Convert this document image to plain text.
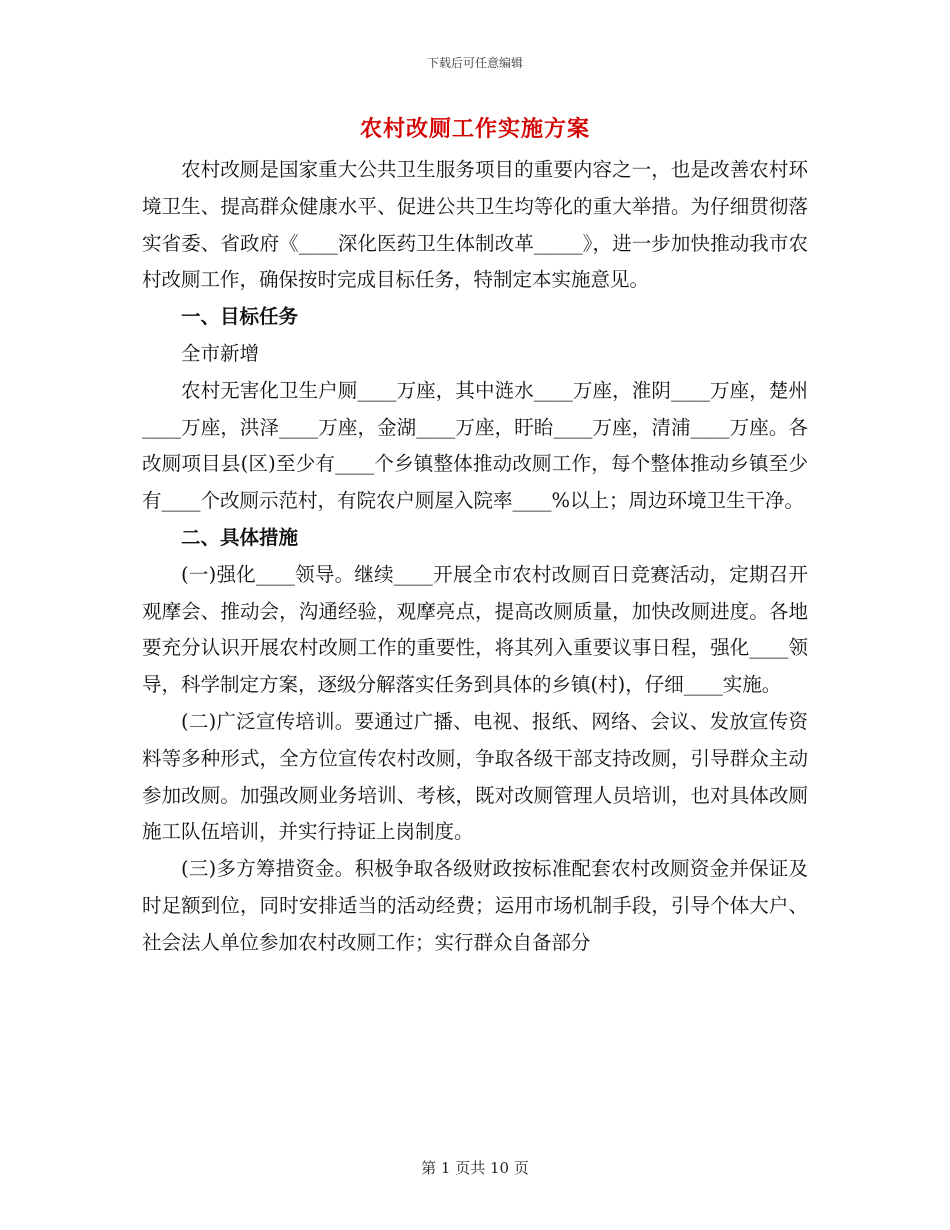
下载后可任意编辑
农村改厕工作实施方案

农村改厕是国家重大公共卫生服务项目的重要内容之一，也是改善农村环境卫生、提高群众健康水平、促进公共卫生均等化的重大举措。为仔细贯彻落实省委、省政府《____深化医药卫生体制改革_____》，进一步加快推动我市农村改厕工作，确保按时完成目标任务，特制定本实施意见。

一、目标任务

全市新增

农村无害化卫生户厕____万座，其中涟水____万座，淮阴____万座，楚州____万座，洪泽____万座，金湖____万座，盱眙____万座，清浦____万座。各改厕项目县(区)至少有____个乡镇整体推动改厕工作，每个整体推动乡镇至少有____个改厕示范村，有院农户厕屋入院率____%以上；周边环境卫生干净。

二、具体措施

(一)强化____领导。继续____开展全市农村改厕百日竞赛活动，定期召开观摩会、推动会，沟通经验，观摩亮点，提高改厕质量，加快改厕进度。各地要充分认识开展农村改厕工作的重要性，将其列入重要议事日程，强化____领导，科学制定方案，逐级分解落实任务到具体的乡镇(村)，仔细____实施。

(二)广泛宣传培训。要通过广播、电视、报纸、网络、会议、发放宣传资料等多种形式，全方位宣传农村改厕，争取各级干部支持改厕，引导群众主动参加改厕。加强改厕业务培训、考核，既对改厕管理人员培训，也对具体改厕施工队伍培训，并实行持证上岗制度。

(三)多方筹措资金。积极争取各级财政按标准配套农村改厕资金并保证及时足额到位，同时安排适当的活动经费；运用市场机制手段，引导个体大户、社会法人单位参加农村改厕工作；实行群众自备部分

第 1 页共 10 页
